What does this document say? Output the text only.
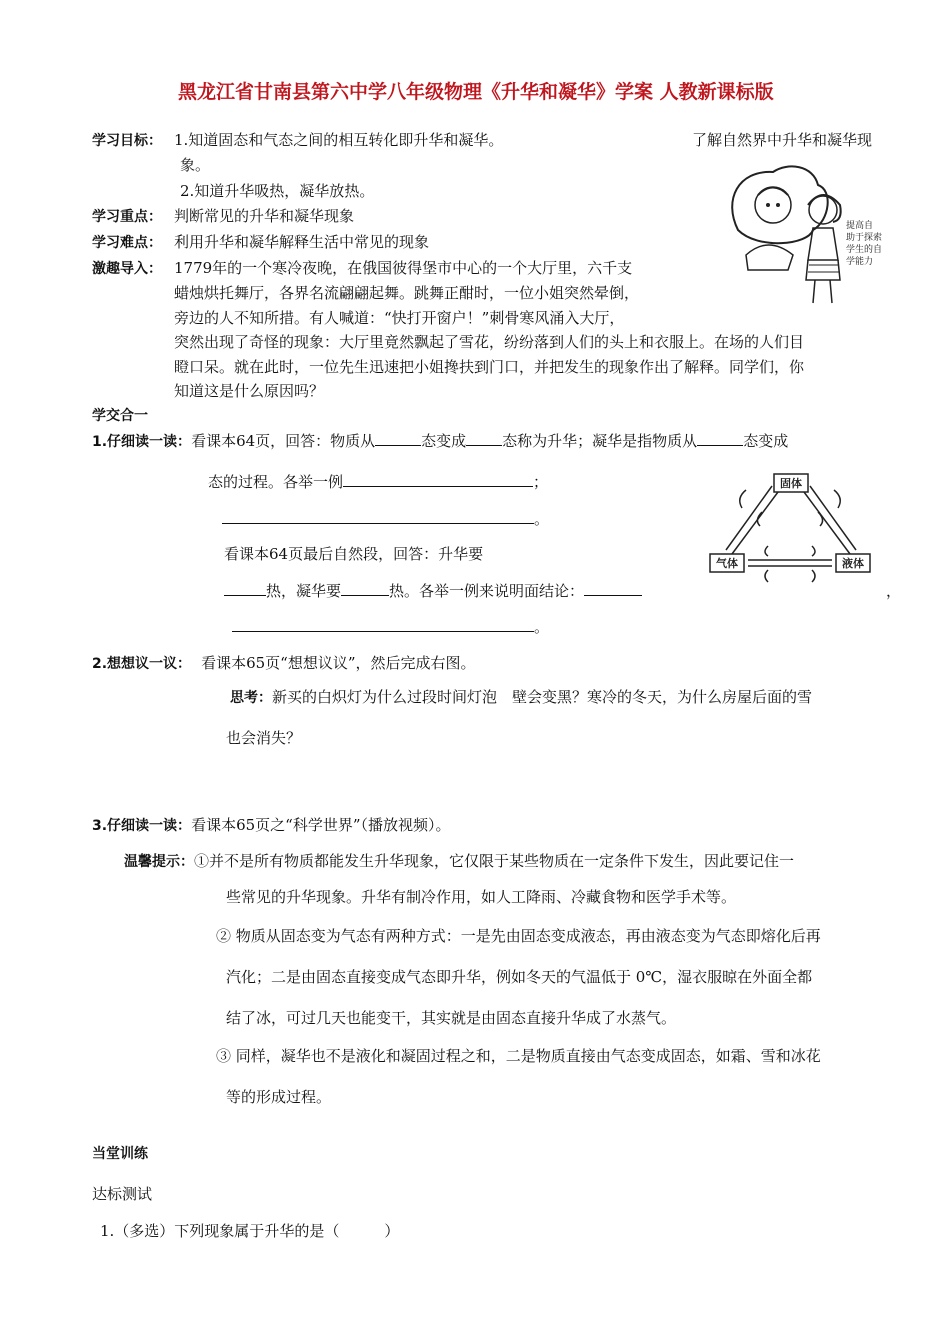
黑龙江省甘南县第六中学八年级物理《升华和凝华》学案 人教新课标版
学习目标： 1.知道固态和气态之间的相互转化即升华和凝华。	了解自然界中升华和凝华现
象。
2.知道升华吸热，凝华放热。
学习重点： 判断常见的升华和凝华现象
学习难点： 利用升华和凝华解释生活中常见的现象
激趣导入： 1779年的一个寒冷夜晚，在俄国彼得堡市中心的一个大厅里，六千支
蜡烛烘托舞厅，各界名流翩翩起舞。跳舞正酣时，一位小姐突然晕倒，
旁边的人不知所措。有人喊道：“快打开窗户！”刺骨寒风涌入大厅，
突然出现了奇怪的现象：大厅里竟然飘起了雪花，纷纷落到人们的头上和衣服上。在场的人们目
瞪口呆。就在此时，一位先生迅速把小姐搀扶到门口，并把发生的现象作出了解释。同学们，你
知道这是什么原因吗？
提高自
助于探索
学生的自
学能力
学交合一
1.仔细读一读：看课本64页，回答：物质从	态变成 态称为升华；凝华是指物质从	态变成
态的过程。各举一例	；
。
看课本64页最后自然段，回答：升华要
热，凝华要	热。各举一例来说明面结论：	，
。
固体
气体	液体
2.想想议一议： 看课本65页“想想议议”，然后完成右图。
思考：新买的白炽灯为什么过段时间灯泡　壁会变黑？寒冷的冬天，为什么房屋后面的雪
也会消失？
3.仔细读一读：看课本65页之“科学世界”（播放视频）。
温馨提示：①并不是所有物质都能发生升华现象，它仅限于某些物质在一定条件下发生，因此要记住一
些常见的升华现象。升华有制冷作用，如人工降雨、冷藏食物和医学手术等。
② 物质从固态变为气态有两种方式：一是先由固态变成液态，再由液态变为气态即熔化后再
汽化；二是由固态直接变成气态即升华，例如冬天的气温低于 0℃，湿衣服晾在外面全都
结了冰，可过几天也能变干，其实就是由固态直接升华成了水蒸气。
③ 同样，凝华也不是液化和凝固过程之和，二是物质直接由气态变成固态，如霜、雪和冰花
等的形成过程。
当堂训练
达标测试
1.（多选）下列现象属于升华的是（　　　）
